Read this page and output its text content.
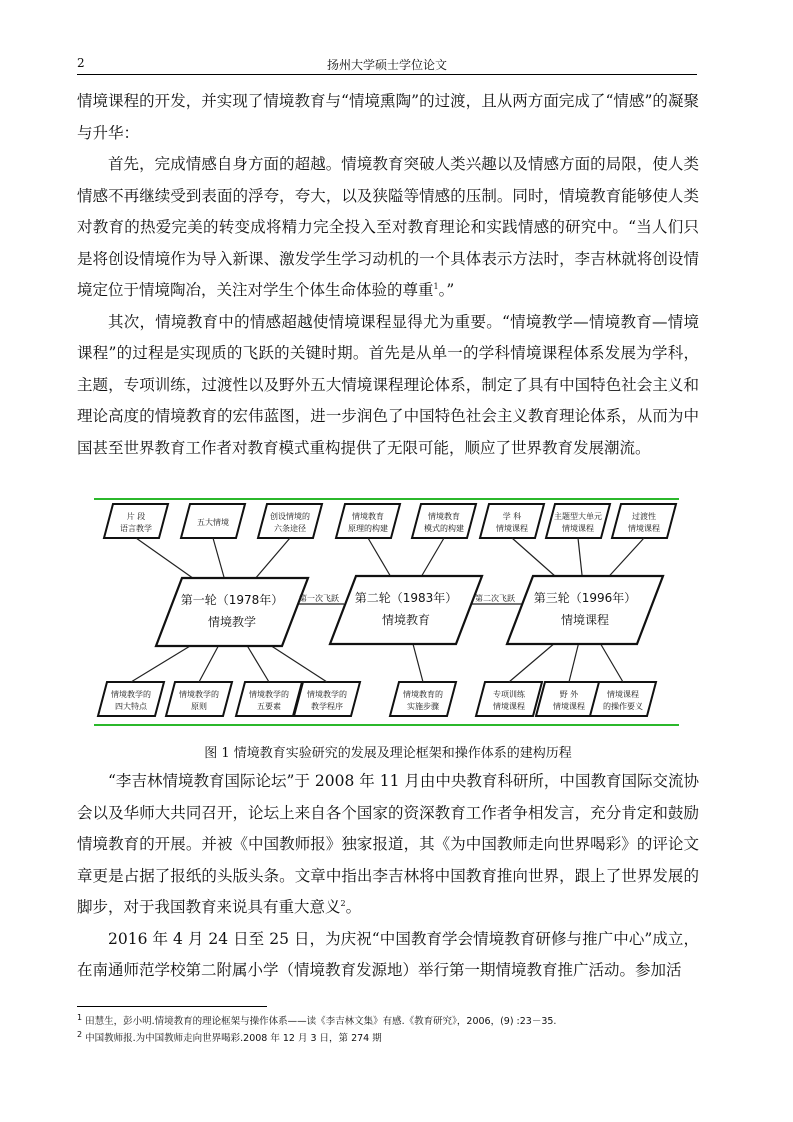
2	扬州大学硕士学位论文

情境课程的开发，并实现了情境教育与“情境熏陶”的过渡，且从两方面完成了“情感”的凝聚与升华：

首先，完成情感自身方面的超越。情境教育突破人类兴趣以及情感方面的局限，使人类情感不再继续受到表面的浮夸，夸大，以及狭隘等情感的压制。同时，情境教育能够使人类对教育的热爱完美的转变成将精力完全投入至对教育理论和实践情感的研究中。“当人们只是将创设情境作为导入新课、激发学生学习动机的一个具体表示方法时，李吉林就将创设情境定位于情境陶冶，关注对学生个体生命体验的尊重$^1$。”

其次，情境教育中的情感超越使情境课程显得尤为重要。“情境教学—情境教育—情境课程”的过程是实现质的飞跃的关键时期。首先是从单一的学科情境课程体系发展为学科，主题，专项训练，过渡性以及野外五大情境课程理论体系，制定了具有中国特色社会主义和理论高度的情境教育的宏伟蓝图，进一步润色了中国特色社会主义教育理论体系，从而为中国甚至世界教育工作者对教育模式重构提供了无限可能，顺应了世界教育发展潮流。

片 段
语言教学
五大情境
创设情境的
六条途径
情境教育
原理的构建
情境教育
模式的构建
学 科
情境课程
主题型大单元
情境课程
过渡性
情境课程
情境教学的
四大特点
情境教学的
原则
情境教学的
五要素
情境教学的
教学程序
情境教育的
实施步骤
专项训练
情境课程
野 外
情境课程
情境课程
的操作要义
第一轮（1978年）
情境教学
第二轮（1983年）
情境教育
第三轮（1996年）
情境课程
第一次飞跃	第二次飞跃
图 1 情境教育实验研究的发展及理论框架和操作体系的建构历程

“李吉林情境教育国际论坛”于 2008 年 11 月由中央教育科研所，中国教育国际交流协会以及华师大共同召开，论坛上来自各个国家的资深教育工作者争相发言，充分肯定和鼓励情境教育的开展。并被《中国教师报》独家报道，其《为中国教师走向世界喝彩》的评论文章更是占据了报纸的头版头条。文章中指出李吉林将中国教育推向世界，跟上了世界发展的脚步，对于我国教育来说具有重大意义$^2$。

2016 年 4 月 24 日至 25 日，为庆祝“中国教育学会情境教育研修与推广中心”成立，在南通师范学校第二附属小学（情境教育发源地）举行第一期情境教育推广活动。参加活

$^1$ 田慧生，彭小明.情境教育的理论框架与操作体系——读《李吉林文集》有感.《教育研究》，2006，(9) :23－35.
$^2$ 中国教师报.为中国教师走向世界喝彩.2008 年 12 月 3 日，第 274 期
